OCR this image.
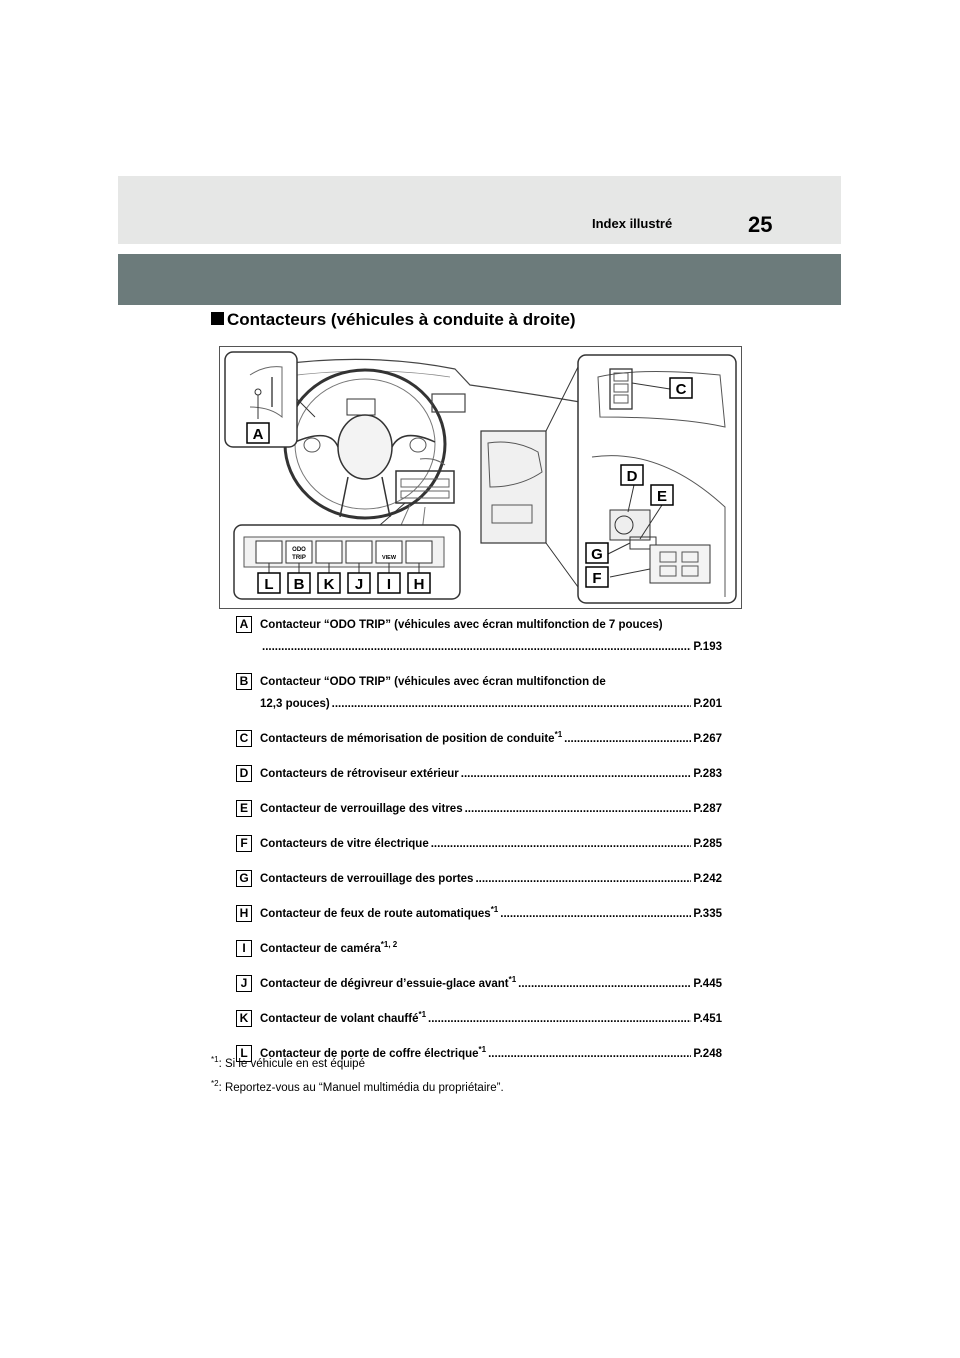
Index illustré	25
Contacteurs (véhicules à conduite à droite)
ODO
TRIP	VIEW
A
C
D
E
G
F
L B K J I H
A	Contacteur “ODO TRIP” (véhicules avec écran multifonction de 7 pouces)
.....
P.193
B	Contacteur “ODO TRIP” (véhicules avec écran multifonction de
12,3 pouces) .....	P.201
C	Contacteurs de mémorisation de position de conduite$^{*1}$ .....	P.267
D	Contacteurs de rétroviseur extérieur .....	P.283
E	Contacteur de verrouillage des vitres .....	P.287
F	Contacteurs de vitre électrique .....	P.285
G Contacteurs de verrouillage des portes .....	P.242
H	Contacteur de feux de route automatiques$^{*1}$ .....	P.335
I	Contacteur de caméra$^{*1, 2}$
J	Contacteur de dégivreur d’essuie-glace avant$^{*1}$ .....	P.445
K	Contacteur de volant chauffé$^{*1}$ .....	P.451
L	Contacteur de porte de coffre électrique$^{*1}$ .....	P.248
$^{*1}$: Si le véhicule en est équipé
$^{*2}$: Reportez-vous au “Manuel multimédia du propriétaire”.
